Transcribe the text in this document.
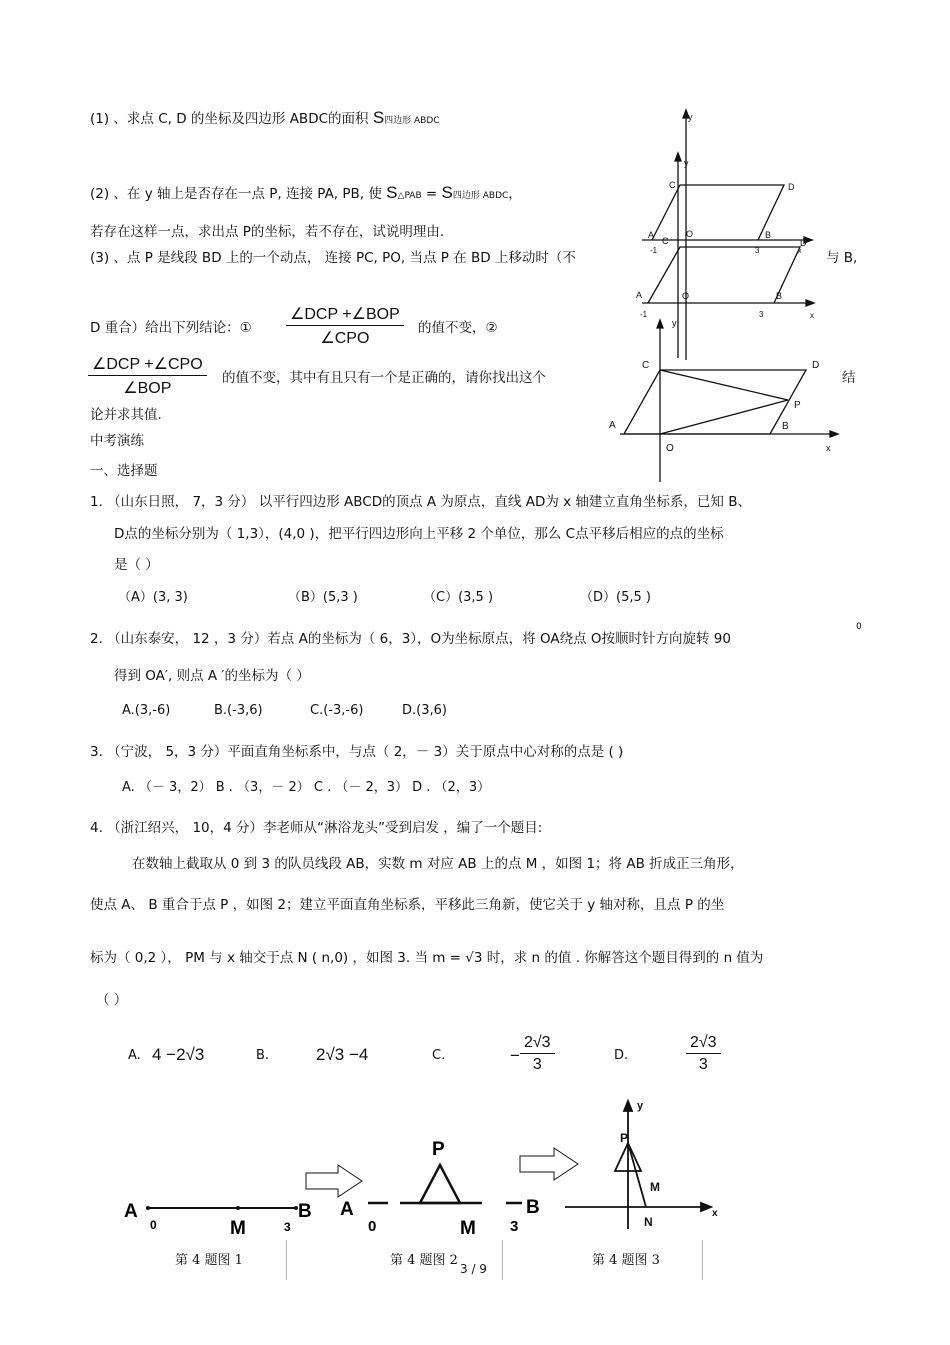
(1) 、求点 C, D 的坐标及四边形 ABDC的面积 S四边形 ABDC
(2) 、在 y 轴上是否存在一点 P, 连接 PA, PB, 使 S△PAB = S四边形 ABDC，
若存在这样一点，求出点 P的坐标，若不存在，试说明理由.
(3) 、点 P 是线段 BD 上的一个动点， 连接 PC, PO, 当点 P 在 BD 上移动时（不	与 B,
D 重合）给出下列结论：①
∠DCP +∠BOP
∠CPO
的值不变，②
∠DCP +∠CPO
∠BOP
的值不变，其中有且只有一个是正确的，请你找出这个	结
论并求其值.
中考演练
一、选择题
y
y
C	D
A
C
O	B
D
x
-1	3
A	O	B
-1	3	x
y
C	D
P
A
O
B
x
1. （山东日照， 7，3 分） 以平行四边形 ABCD的顶点 A 为原点，直线 AD为 x 轴建立直角坐标系，已知 B、
D点的坐标分别为（ 1,3），(4,0 )，把平行四边形向上平移 2 个单位，那么 C点平移后相应的点的坐标
是（ ）
（A）(3, 3)	（B）(5,3 )	（C）(3,5 )	（D）(5,5 )
2. （山东泰安， 12 ，3 分）若点 A的坐标为（ 6，3），O为坐标原点，将 OA绕点 O按顺时针方向旋转 90
0
得到 OA′, 则点 A ′的坐标为（ ）
A.(3,-6)	B.(-3,6)	C.(-3,-6)	D.(3,6)
3. （宁波， 5，3 分）平面直角坐标系中，与点（ 2，－ 3）关于原点中心对称的点是 ( )
A. （－ 3，2） B . （3，－ 2） C . （－ 2，3） D . （2，3）
4. （浙江绍兴， 10，4 分）李老师从“淋浴龙头”受到启发 ，编了一个题目:
在数轴上截取从 0 到 3 的队员线段 AB，实数 m 对应 AB 上的点 M ，如图 1；将 AB 折成正三角形，
使点 A、 B 重合于点 P ，如图 2；建立平面直角坐标系，平移此三角新，使它关于 y 轴对称，且点 P 的坐
标为（ 0,2 ）， PM 与 x 轴交于点 N ( n,0) ，如图 3. 当 m = √3 时，求 n 的值 . 你解答这个题目得到的 n 值为
（ ）
A. 4 −2√3	B.	2√3 −4	C.	− $\frac{2√3}{3}$	D.	$\frac{2√3}{3}$
A
0	M	3
B
P
A
0	M 3
B
y
P
M
N
x
第 4 题图 1	第 4 题图 2	第 4 题图 3
3 / 9
